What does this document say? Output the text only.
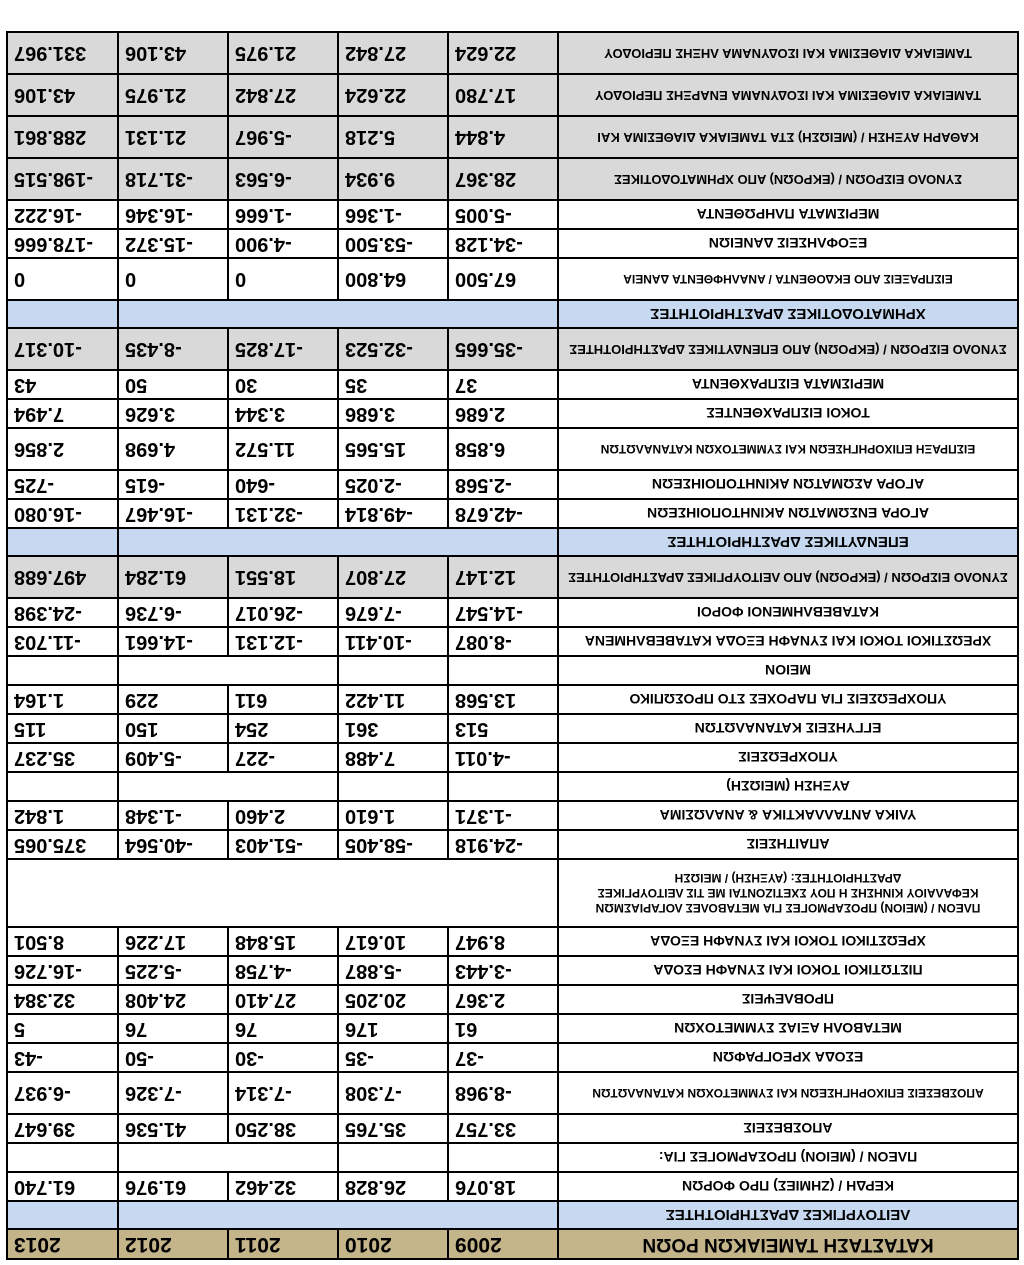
ΚΑΤΑΣΤΑΣΗ ΤΑΜΕΙΑΚΩΝ ΡΟΩΝ	2009	2010	2011	2012	2013
ΛΕΙΤΟΥΡΓΙΚΕΣ ΔΡΑΣΤΗΡΙΟΤΗΤΕΣ					
ΚΕΡΔΗ / (ΖΗΜΙΕΣ) ΠΡΟ ΦΟΡΩΝ	18.076	26.828	32.462	61.976	61.740
ΠΛΕΟΝ / (ΜΕΙΟΝ) ΠΡΟΣΑΡΜΟΓΕΣ ΓΙΑ:					
ΑΠΟΣΒΕΣΕΙΣ	33.757	35.765	38.250	41.536	39.647
ΑΠΟΣΒΕΣΕΙΣ ΕΠΙΧΟΡΗΓΗΣΕΩΝ ΚΑΙ ΣΥΜΜΕΤΟΧΩΝ ΚΑΤΑΝΑΛΩΤΩΝ	-8.968	-7.308	-7.314	-7.326	-6.937
ΕΣΟΔΑ ΧΡΕΟΓΡΑΦΩΝ	-37	-35	-30	-50	-43
ΜΕΤΑΒΟΛΗ ΑΞΙΑΣ ΣΥΜΜΕΤΟΧΩΝ	61	176	76	76	5
ΠΡΟΒΛΕΨΕΙΣ	2.367	20.205	27.410	24.408	32.384
ΠΙΣΤΩΤΙΚΟΙ ΤΟΚΟΙ ΚΑΙ ΣΥΝΑΦΗ ΕΣΟΔΑ	-3.443	-5.887	-4.758	-5.225	-16.726
ΧΡΕΩΣΤΙΚΟΙ ΤΟΚΟΙ ΚΑΙ ΣΥΝΑΦΗ ΕΞΟΔΑ	8.947	10.617	15.848	17.226	8.501
ΠΛΕΟΝ / (ΜΕΙΟΝ) ΠΡΟΣΑΡΜΟΓΕΣ ΓΙΑ ΜΕΤΑΒΟΛΕΣ ΛΟΓΑΡΙΑΣΜΩΝ ΚΕΦΑΛΑΙΟΥ ΚΙΝΗΣΗΣ Η ΠΟΥ ΣΧΕΤΙΖΟΝΤΑΙ ΜΕ ΤΙΣ ΛΕΙΤΟΥΡΓΙΚΕΣ ΔΡΑΣΤΗΡΙΟΤΗΤΕΣ: (ΑΥΞΗΣΗ) / ΜΕΙΩΣΗ					
ΑΠΑΙΤΗΣΕΙΣ	-24.918	-58.405	-51.403	-40.564	375.065
ΥΛΙΚΑ ΑΝΤΑΛΛΑΚΤΙΚΑ & ΑΝΑΛΩΣΙΜΑ	-1.371	1.610	2.460	-1.348	1.842
ΑΥΞΗΣΗ (ΜΕΙΩΣΗ)					
ΥΠΟΧΡΕΩΣΕΙΣ	-4.011	7.488	-227	-5.409	35.237
ΕΓΓΥΗΣΕΙΣ ΚΑΤΑΝΑΛΩΤΩΝ	513	361	254	150	115
ΥΠΟΧΡΕΩΣΕΙΣ ΓΙΑ ΠΑΡΟΧΕΣ ΣΤΟ ΠΡΟΣΩΠΙΚΟ	13.568	11.422	611	229	1.164
ΜΕΙΟΝ					
ΧΡΕΩΣΤΙΚΟΙ ΤΟΚΟΙ ΚΑΙ ΣΥΝΑΦΗ ΕΞΟΔΑ ΚΑΤΑΒΕΒΛΗΜΕΝΑ	-8.087	-10.411	-12.131	-14.661	-11.703
ΚΑΤΑΒΕΒΛΗΜΕΝΟΙ ΦΟΡΟΙ	-14.547	-7.676	-26.017	-6.736	-24.398
ΣΥΝΟΛΟ ΕΙΣΡΟΩΝ / (ΕΚΡΟΩΝ) ΑΠΟ ΛΕΙΤΟΥΡΓΙΚΕΣ ΔΡΑΣΤΗΡΙΟΤΗΤΕΣ	12.147	27.807	18.551	61.284	497.688
ΕΠΕΝΔΥΤΙΚΕΣ ΔΡΑΣΤΗΡΙΟΤΗΤΕΣ					
ΑΓΟΡΑ ΕΝΣΩΜΑΤΩΝ ΑΚΙΝΗΤΟΠΟΙΗΣΕΩΝ	-42.678	-49.814	-32.131	-16.467	-16.080
ΑΓΟΡΑ ΑΣΩΜΑΤΩΝ ΑΚΙΝΗΤΟΠΟΙΗΣΕΩΝ	-2.568	-2.025	-640	-615	-725
ΕΙΣΠΡΑΞΗ ΕΠΙΧΟΡΗΓΗΣΕΩΝ ΚΑΙ ΣΥΜΜΕΤΟΧΩΝ ΚΑΤΑΝΑΛΩΤΩΝ	6.858	15.565	11.572	4.698	2.856
ΤΟΚΟΙ ΕΙΣΠΡΑΧΘΕΝΤΕΣ	2.686	3.686	3.344	3.626	7.494
ΜΕΡΙΣΜΑΤΑ ΕΙΣΠΡΑΧΘΕΝΤΑ	37	35	30	50	43
ΣΥΝΟΛΟ ΕΙΣΡΟΩΝ / (ΕΚΡΟΩΝ) ΑΠΟ ΕΠΕΝΔΥΤΙΚΕΣ ΔΡΑΣΤΗΡΙΟΤΗΤΕΣ	-35.665	-32.523	-17.825	-8.435	-10.317
ΧΡΗΜΑΤΟΔΟΤΙΚΕΣ ΔΡΑΣΤΗΡΙΟΤΗΤΕΣ					
ΕΙΣΠΡΑΞΕΙΣ ΑΠΟ ΕΚΔΟΘΕΝΤΑ / ΑΝΑΛΗΦΘΕΝΤΑ ΔΑΝΕΙΑ	67.500	64.800	0	0	0
ΕΞΟΦΛΗΣΕΙΣ ΔΑΝΕΙΩΝ	-34.128	-53.500	-4.900	-15.372	-178.666
ΜΕΡΙΣΜΑΤΑ ΠΛΗΡΩΘΕΝΤΑ	-5.005	-1.366	-1.666	-16.346	-16.222
ΣΥΝΟΛΟ ΕΙΣΡΟΩΝ / (ΕΚΡΟΩΝ) ΑΠΟ ΧΡΗΜΑΤΟΔΟΤΙΚΕΣ	28.367	9.934	-6.563	-31.718	-198.515
ΚΑΘΑΡΗ ΑΥΞΗΣΗ / (ΜΕΙΩΣΗ) ΣΤΑ ΤΑΜΕΙΑΚΑ ΔΙΑΘΕΣΙΜΑ ΚΑΙ	4.844	5.218	-5.967	21.131	288.861
ΤΑΜΕΙΑΚΑ ΔΙΑΘΕΣΙΜΑ ΚΑΙ ΙΣΟΔΥΝΑΜΑ ΕΝΑΡΞΗΣ ΠΕΡΙΟΔΟΥ	17.780	22.624	27.842	21.975	43.106
ΤΑΜΕΙΑΚΑ ΔΙΑΘΕΣΙΜΑ ΚΑΙ ΙΣΟΔΥΝΑΜΑ ΛΗΞΗΣ ΠΕΡΙΟΔΟΥ	22.624	27.842	21.975	43.106	331.967
